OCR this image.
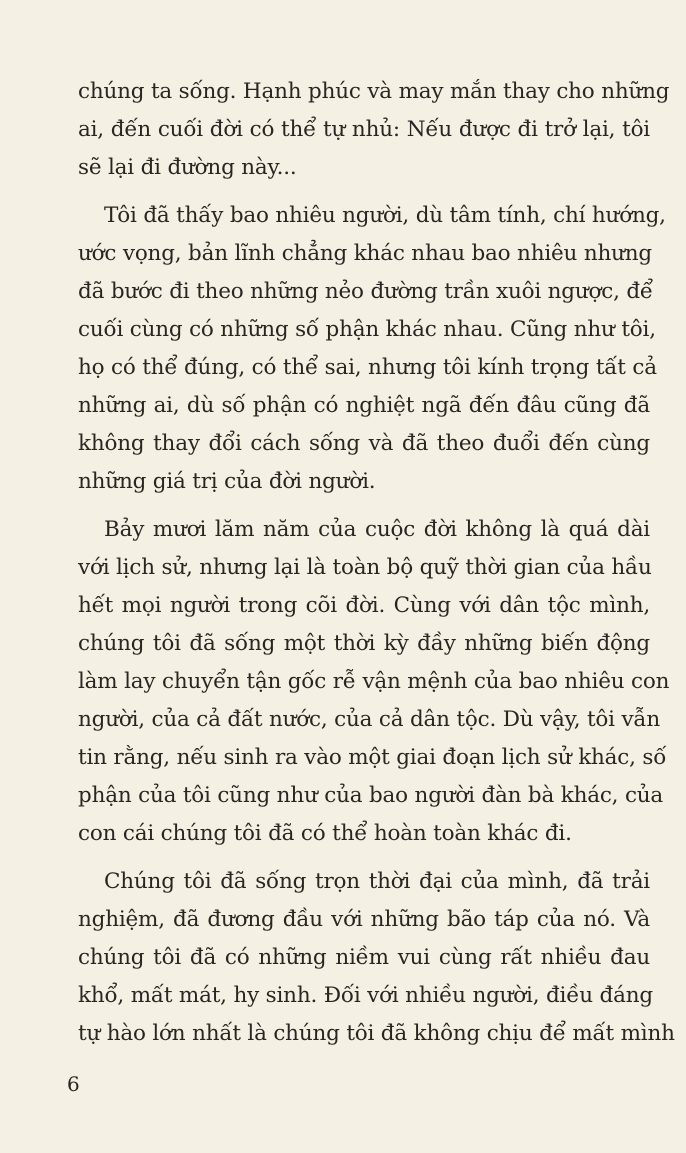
chúng ta sống. Hạnh phúc và may mắn thay cho những
ai, đến cuối đời có thể tự nhủ: Nếu được đi trở lại, tôi
sẽ lại đi đường này...
Tôi đã thấy bao nhiêu người, dù tâm tính, chí hướng,
ước vọng, bản lĩnh chẳng khác nhau bao nhiêu nhưng
đã bước đi theo những nẻo đường trần xuôi ngược, để
cuối cùng có những số phận khác nhau. Cũng như tôi,
họ có thể đúng, có thể sai, nhưng tôi kính trọng tất cả
những ai, dù số phận có nghiệt ngã đến đâu cũng đã
không thay đổi cách sống và đã theo đuổi đến cùng
những giá trị của đời người.
Bảy mươi lăm năm của cuộc đời không là quá dài
với lịch sử, nhưng lại là toàn bộ quỹ thời gian của hầu
hết mọi người trong cõi đời. Cùng với dân tộc mình,
chúng tôi đã sống một thời kỳ đầy những biến động
làm lay chuyển tận gốc rễ vận mệnh của bao nhiêu con
người, của cả đất nước, của cả dân tộc. Dù vậy, tôi vẫn
tin rằng, nếu sinh ra vào một giai đoạn lịch sử khác, số
phận của tôi cũng như của bao người đàn bà khác, của
con cái chúng tôi đã có thể hoàn toàn khác đi.
Chúng tôi đã sống trọn thời đại của mình, đã trải
nghiệm, đã đương đầu với những bão táp của nó. Và
chúng tôi đã có những niềm vui cùng rất nhiều đau
khổ, mất mát, hy sinh. Đối với nhiều người, điều đáng
tự hào lớn nhất là chúng tôi đã không chịu để mất mình
6
